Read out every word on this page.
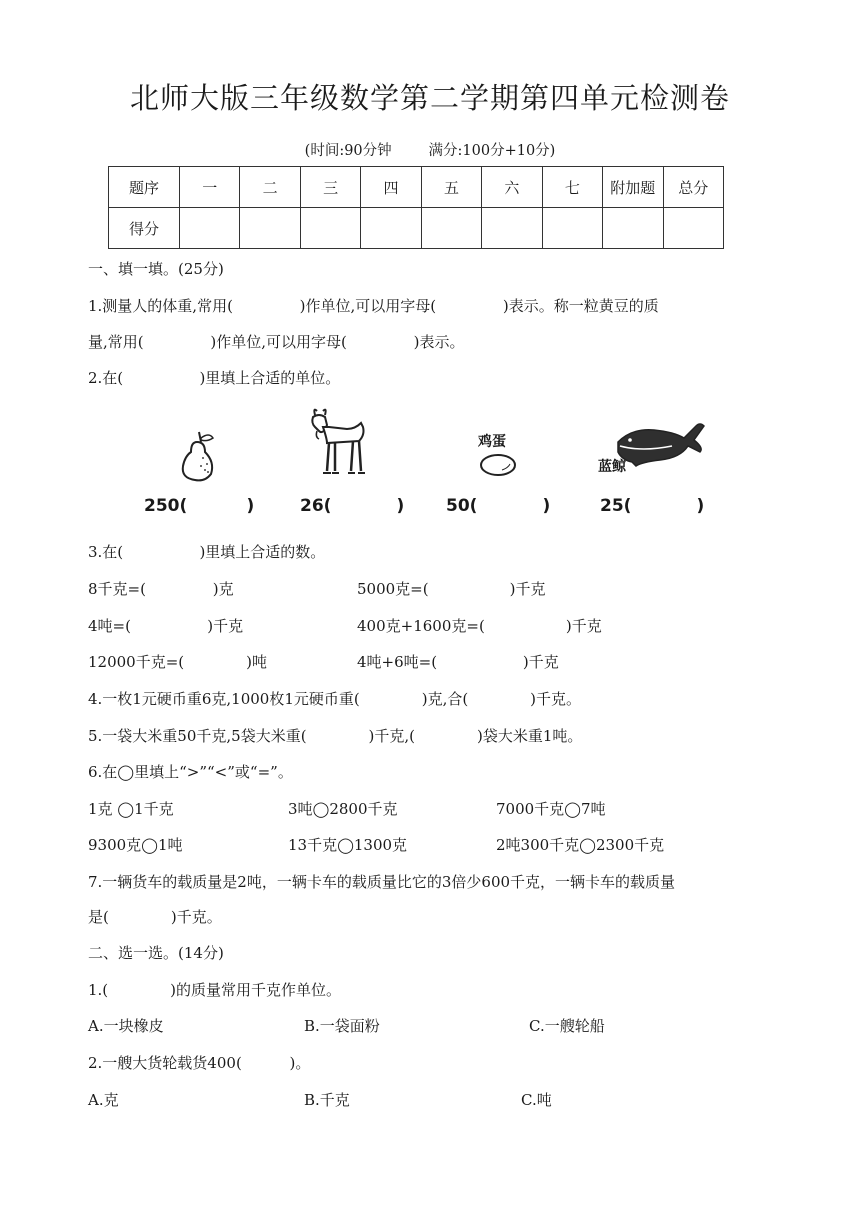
北师大版三年级数学第二学期第四单元检测卷
(时间:90分钟        满分:100分+10分)
题序	一	二	三	四	五	六	七	附加题	总分
得分									
一、填一填。(25分)
1.测量人的体重,常用(              )作单位,可以用字母(              )表示。称一粒黄豆的质
量,常用(              )作单位,可以用字母(              )表示。
2.在(                )里填上合适的单位。
鸡蛋
蓝鲸
250(          )	26(           ) 50(           )	25(           )
3.在(                )里填上合适的数。
8千克=(              )克	5000克=(                 )千克
4吨=(                )千克	400克+1600克=(                 )千克
12000千克=(             )吨	4吨+6吨=(                  )千克
4.一枚1元硬币重6克,1000枚1元硬币重(             )克,合(             )千克。
5.一袋大米重50千克,5袋大米重(             )千克,(             )袋大米重1吨。
6.在◯里填上“>”“<”或“=”。
1克 ◯1千克	3吨◯2800千克	7000千克◯7吨
9300克◯1吨	13千克◯1300克	2吨300千克◯2300千克
7.一辆货车的载质量是2吨，一辆卡车的载质量比它的3倍少600千克，一辆卡车的载质量
是(             )千克。
二、选一选。(14分)
1.(             )的质量常用千克作单位。
A.一块橡皮	B.一袋面粉	C.一艘轮船
2.一艘大货轮载货400(          )。
A.克	B.千克	C.吨
